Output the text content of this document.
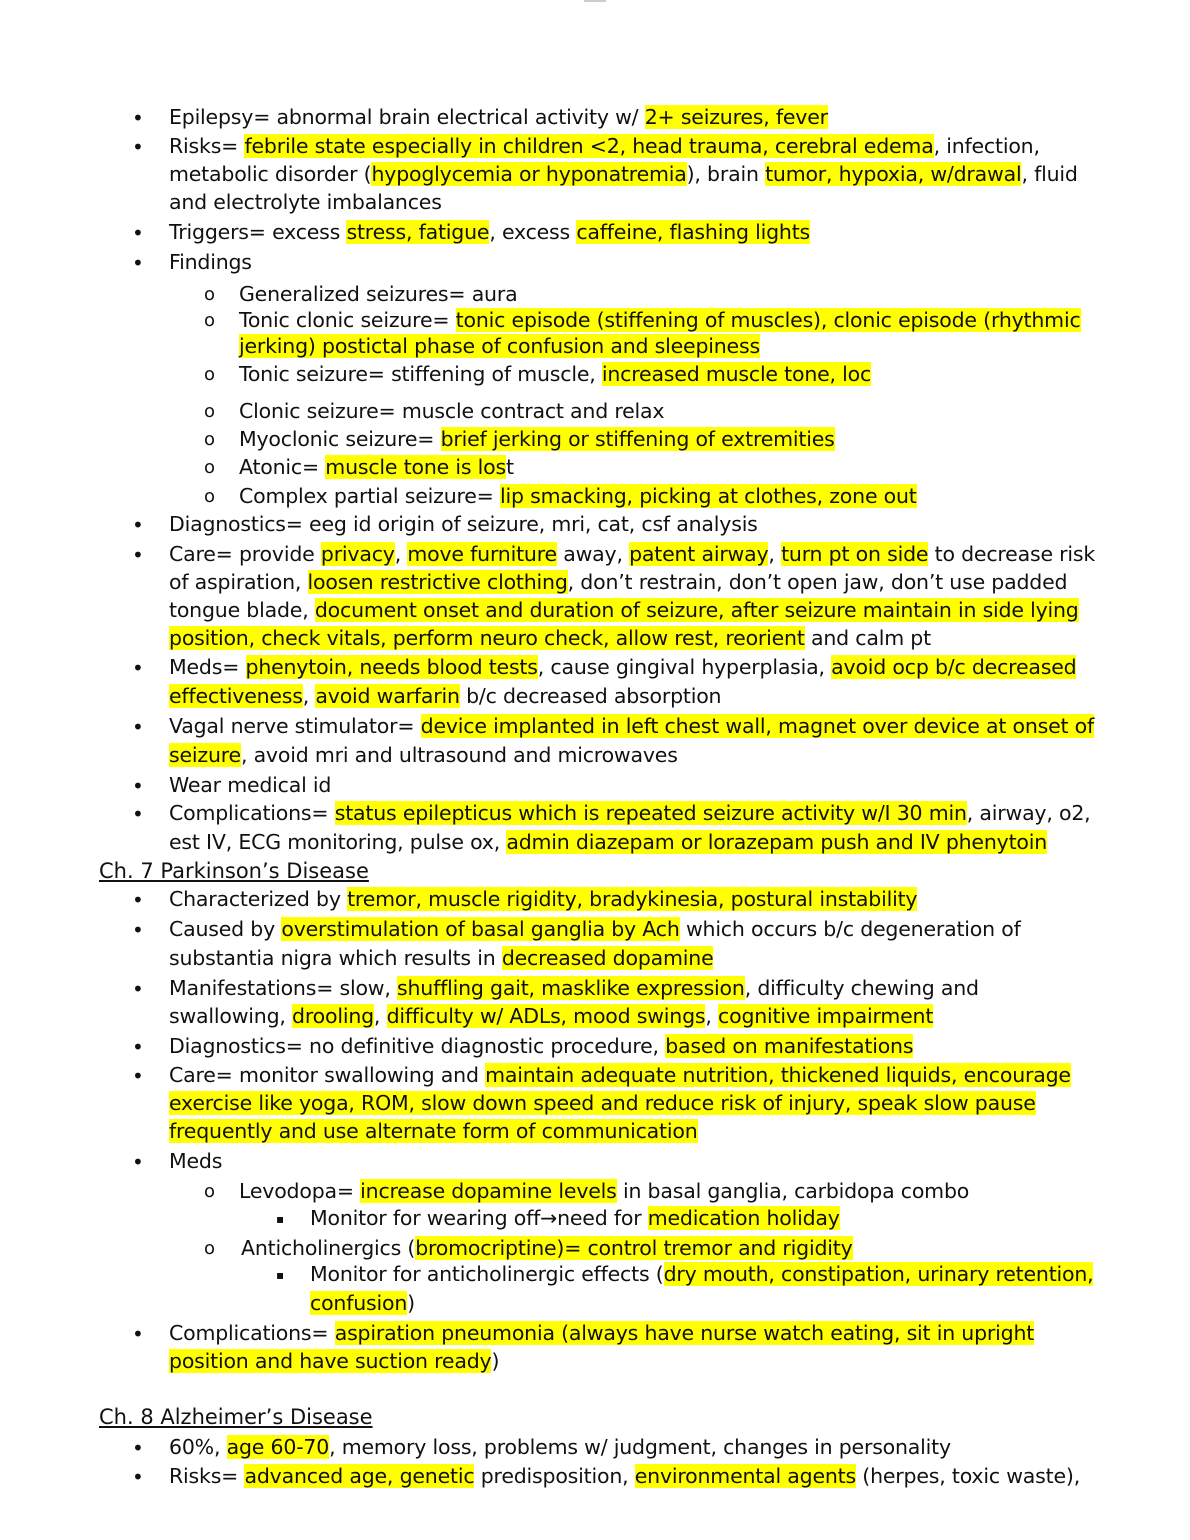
• Epilepsy= abnormal brain electrical activity w/ 2+ seizures, fever
• Risks= febrile state especially in children <2, head trauma, cerebral edema, infection,
metabolic disorder (hypoglycemia or hyponatremia), brain tumor, hypoxia, w/drawal, fluid
and electrolyte imbalances
• Triggers= excess stress, fatigue, excess caffeine, flashing lights
• Findings
o Generalized seizures= aura
o Tonic clonic seizure= tonic episode (stiffening of muscles), clonic episode (rhythmic
jerking) postictal phase of confusion and sleepiness
o Tonic seizure= stiffening of muscle, increased muscle tone, loc
o Clonic seizure= muscle contract and relax
o Myoclonic seizure= brief jerking or stiffening of extremities
o Atonic= muscle tone is lost
o Complex partial seizure= lip smacking, picking at clothes, zone out
• Diagnostics= eeg id origin of seizure, mri, cat, csf analysis
• Care= provide privacy, move furniture away, patent airway, turn pt on side to decrease risk
of aspiration, loosen restrictive clothing, don’t restrain, don’t open jaw, don’t use padded
tongue blade, document onset and duration of seizure, after seizure maintain in side lying
position, check vitals, perform neuro check, allow rest, reorient and calm pt
• Meds= phenytoin, needs blood tests, cause gingival hyperplasia, avoid ocp b/c decreased
effectiveness, avoid warfarin b/c decreased absorption
• Vagal nerve stimulator= device implanted in left chest wall, magnet over device at onset of
seizure, avoid mri and ultrasound and microwaves
• Wear medical id
• Complications= status epilepticus which is repeated seizure activity w/I 30 min, airway, o2,
est IV, ECG monitoring, pulse ox, admin diazepam or lorazepam push and IV phenytoin
Ch. 7 Parkinson’s Disease
• Characterized by tremor, muscle rigidity, bradykinesia, postural instability
• Caused by overstimulation of basal ganglia by Ach which occurs b/c degeneration of
substantia nigra which results in decreased dopamine
• Manifestations= slow, shuffling gait, masklike expression, difficulty chewing and
swallowing, drooling, difficulty w/ ADLs, mood swings, cognitive impairment
• Diagnostics= no definitive diagnostic procedure, based on manifestations
• Care= monitor swallowing and maintain adequate nutrition, thickened liquids, encourage
exercise like yoga, ROM, slow down speed and reduce risk of injury, speak slow pause
frequently and use alternate form of communication
• Meds
o Levodopa= increase dopamine levels in basal ganglia, carbidopa combo
▪ Monitor for wearing off→need for medication holiday
o Anticholinergics (bromocriptine)= control tremor and rigidity
▪ Monitor for anticholinergic effects (dry mouth, constipation, urinary retention,
confusion)
• Complications= aspiration pneumonia (always have nurse watch eating, sit in upright
position and have suction ready)
Ch. 8 Alzheimer’s Disease
• 60%, age 60-70, memory loss, problems w/ judgment, changes in personality
• Risks= advanced age, genetic predisposition, environmental agents (herpes, toxic waste),
